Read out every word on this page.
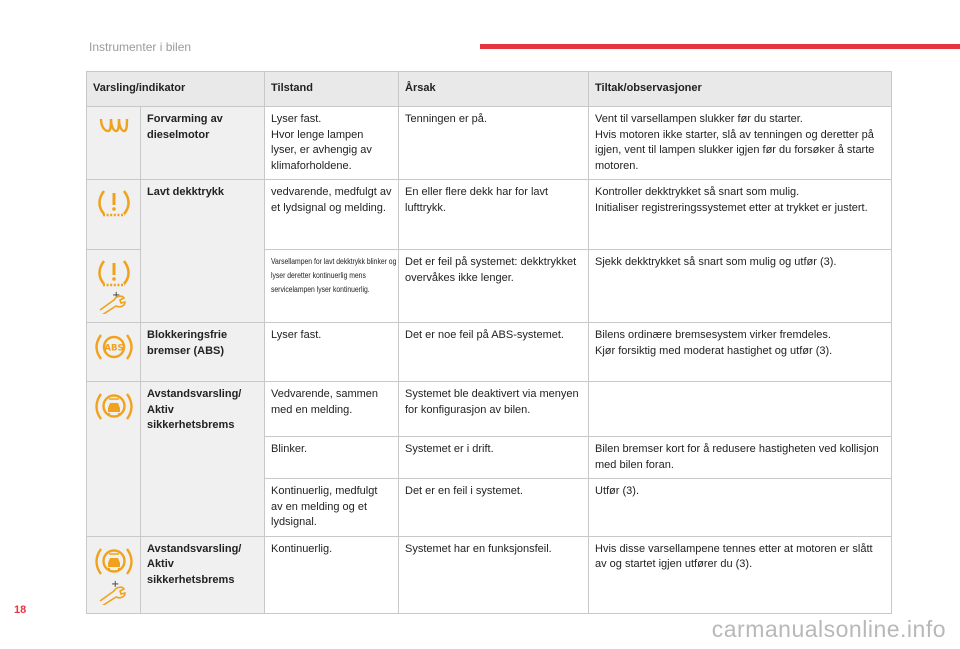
Instrumenter i bilen
Varsling/indikator		Tilstand	Årsak	Tiltak/observasjoner

	Forvarming av dieselmotor	Lyser fast.
Hvor lenge lampen lyser, er avhengig av klimaforholdene.	Tenningen er på.	Vent til varsellampen slukker før du starter.
Hvis motoren ikke starter, slå av tenningen og deretter på igjen, vent til lampen slukker igjen før du forsøker å starte motoren.

	Lavt dekktrykk	vedvarende, medfulgt av et lydsignal og melding.	En eller flere dekk har for lavt lufttrykk.	Kontroller dekktrykket så snart som mulig.
Initialiser registreringssystemet etter at trykket er justert.

+		Varsellampen for lavt dekktrykk blinker og lyser deretter kontinuerlig mens servicelampen lyser kontinuerlig.	Det er feil på systemet: dekktrykket overvåkes ikke lenger.	Sjekk dekktrykket så snart som mulig og utfør (3).

ABS	Blokkeringsfrie bremser (ABS)	Lyser fast.	Det er noe feil på ABS-systemet.	Bilens ordinære bremsesystem virker fremdeles.
Kjør forsiktig med moderat hastighet og utfør (3).

	Avstandsvarsling/ Aktiv sikkerhetsbrems	Vedvarende, sammen med en melding.	Systemet ble deaktivert via menyen for konfigurasjon av bilen.	
		Blinker.	Systemet er i drift.	Bilen bremser kort for å redusere hastigheten ved kollisjon med bilen foran.
		Kontinuerlig, medfulgt av en melding og et lydsignal.	Det er en feil i systemet.	Utfør (3).

+	Avstandsvarsling/ Aktiv sikkerhetsbrems	Kontinuerlig.	Systemet har en funksjonsfeil.	Hvis disse varsellampene tennes etter at motoren er slått av og startet igjen utfører du (3).
18
carmanualsonline.info
